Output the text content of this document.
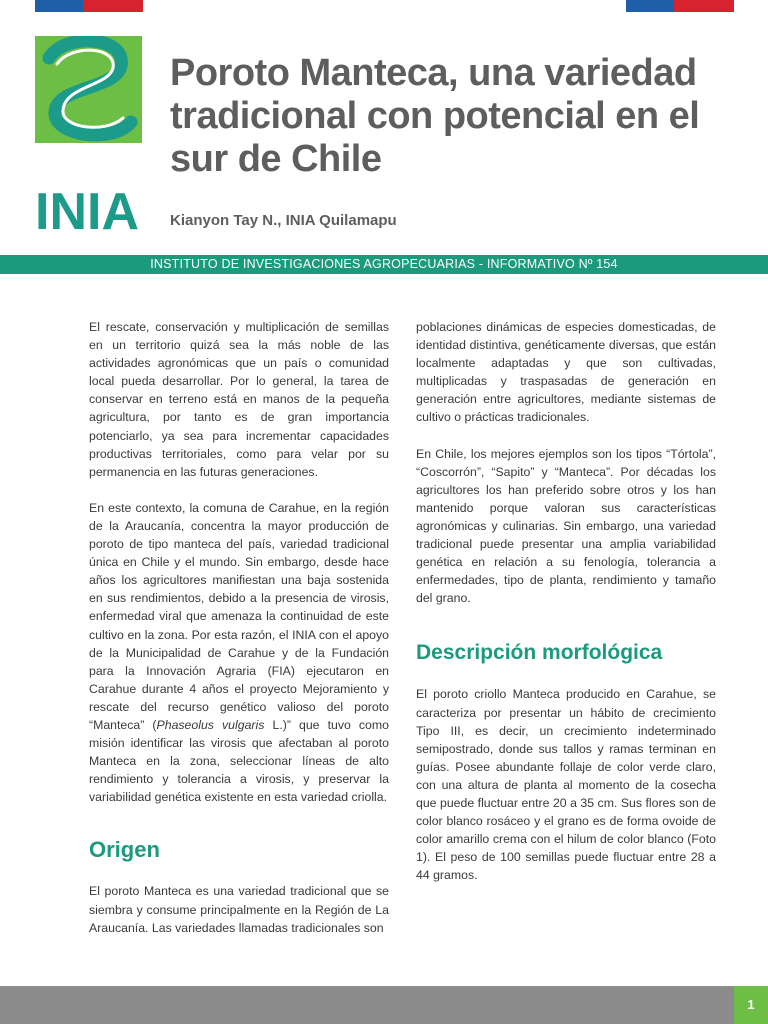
INIA
Poroto Manteca, una variedad tradicional con potencial en el sur de Chile

Kianyon Tay N., INIA Quilamapu

INSTITUTO DE INVESTIGACIONES AGROPECUARIAS - INFORMATIVO Nº 154

El rescate, conservación y multiplicación de semillas en un territorio quizá sea la más noble de las actividades agronómicas que un país o comunidad local pueda desarrollar. Por lo general, la tarea de conservar en terreno está en manos de la pequeña agricultura, por tanto es de gran importancia potenciarlo, ya sea para incrementar capacidades productivas territoriales, como para velar por su permanencia en las futuras generaciones.

En este contexto, la comuna de Carahue, en la región de la Araucanía, concentra la mayor producción de poroto de tipo manteca del país, variedad tradicional única en Chile y el mundo. Sin embargo, desde hace años los agricultores manifiestan una baja sostenida en sus rendimientos, debido a la presencia de virosis, enfermedad viral que amenaza la continuidad de este cultivo en la zona. Por esta razón, el INIA con el apoyo de la Municipalidad de Carahue y de la Fundación para la Innovación Agraria (FIA) ejecutaron en Carahue durante 4 años el proyecto Mejoramiento y rescate del recurso genético valioso del poroto “Manteca” (Phaseolus vulgaris L.)” que tuvo como misión identificar las virosis que afectaban al poroto Manteca en la zona, seleccionar líneas de alto rendimiento y tolerancia a virosis, y preservar la variabilidad genética existente en esta variedad criolla.

Origen

El poroto Manteca es una variedad tradicional que se siembra y consume principalmente en la Región de La Araucanía. Las variedades llamadas tradicionales son

poblaciones dinámicas de especies domesticadas, de identidad distintiva, genéticamente diversas, que están localmente adaptadas y que son cultivadas, multiplicadas y traspasadas de generación en generación entre agricultores, mediante sistemas de cultivo o prácticas tradicionales.

En Chile, los mejores ejemplos son los tipos “Tórtola”, “Coscorrón”, “Sapito” y “Manteca”. Por décadas los agricultores los han preferido sobre otros y los han mantenido porque valoran sus características agronómicas y culinarias. Sin embargo, una variedad tradicional puede presentar una amplia variabilidad genética en relación a su fenología, tolerancia a enfermedades, tipo de planta, rendimiento y tamaño del grano.

Descripción morfológica

El poroto criollo Manteca producido en Carahue, se caracteriza por presentar un hábito de crecimiento Tipo III, es decir, un crecimiento indeterminado semipostrado, donde sus tallos y ramas terminan en guías. Posee abundante follaje de color verde claro, con una altura de planta al momento de la cosecha que puede fluctuar entre 20 a 35 cm. Sus flores son de color blanco rosáceo y el grano es de forma ovoide de color amarillo crema con el hilum de color blanco (Foto 1). El peso de 100 semillas puede fluctuar entre 28 a 44 gramos.

1
